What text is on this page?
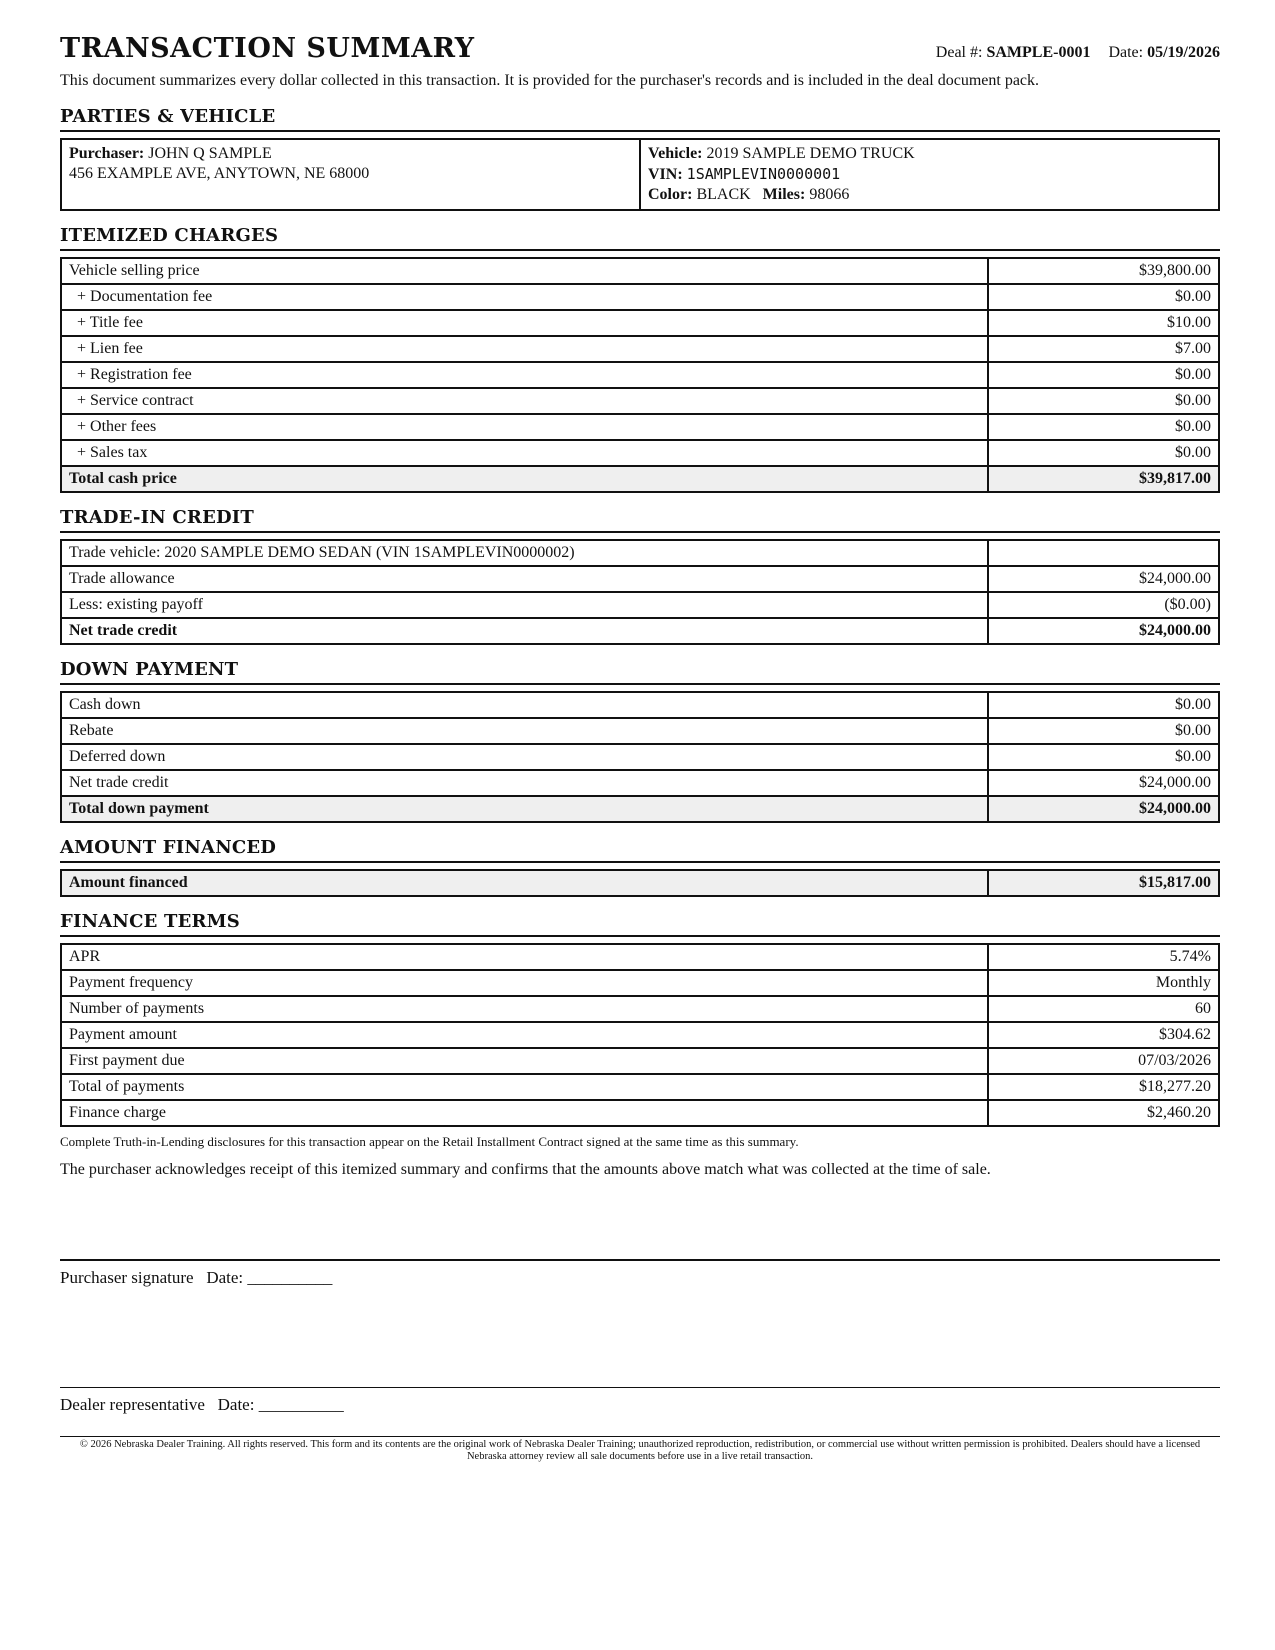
TRANSACTION SUMMARY	Deal #: SAMPLE-0001 Date: 05/19/2026
This document summarizes every dollar collected in this transaction. It is provided for the purchaser's records and is included in the deal document pack.
PARTIES & VEHICLE
Purchaser: JOHN Q SAMPLE
456 EXAMPLE AVE, ANYTOWN, NE 68000	Vehicle: 2019 SAMPLE DEMO TRUCK
VIN: 1SAMPLEVIN0000001
Color: BLACK Miles: 98066
ITEMIZED CHARGES
Vehicle selling price	$39,800.00
+ Documentation fee	$0.00
+ Title fee	$10.00
+ Lien fee	$7.00
+ Registration fee	$0.00
+ Service contract	$0.00
+ Other fees	$0.00
+ Sales tax	$0.00
Total cash price	$39,817.00
TRADE-IN CREDIT
Trade vehicle: 2020 SAMPLE DEMO SEDAN (VIN 1SAMPLEVIN0000002)	
Trade allowance	$24,000.00
Less: existing payoff	($0.00)
Net trade credit	$24,000.00
DOWN PAYMENT
Cash down	$0.00
Rebate	$0.00
Deferred down	$0.00
Net trade credit	$24,000.00
Total down payment	$24,000.00
AMOUNT FINANCED
Amount financed	$15,817.00
FINANCE TERMS
APR	5.74%
Payment frequency	Monthly
Number of payments	60
Payment amount	$304.62
First payment due	07/03/2026
Total of payments	$18,277.20
Finance charge	$2,460.20
Complete Truth-in-Lending disclosures for this transaction appear on the Retail Installment Contract signed at the same time as this summary.
The purchaser acknowledges receipt of this itemized summary and confirms that the amounts above match what was collected at the time of sale.
Purchaser signature Date: __________
Dealer representative Date: __________
© 2026 Nebraska Dealer Training. All rights reserved. This form and its contents are the original work of Nebraska Dealer Training; unauthorized reproduction, redistribution, or commercial use without written permission is prohibited. Dealers should have a licensed Nebraska attorney review all sale documents before use in a live retail transaction.
